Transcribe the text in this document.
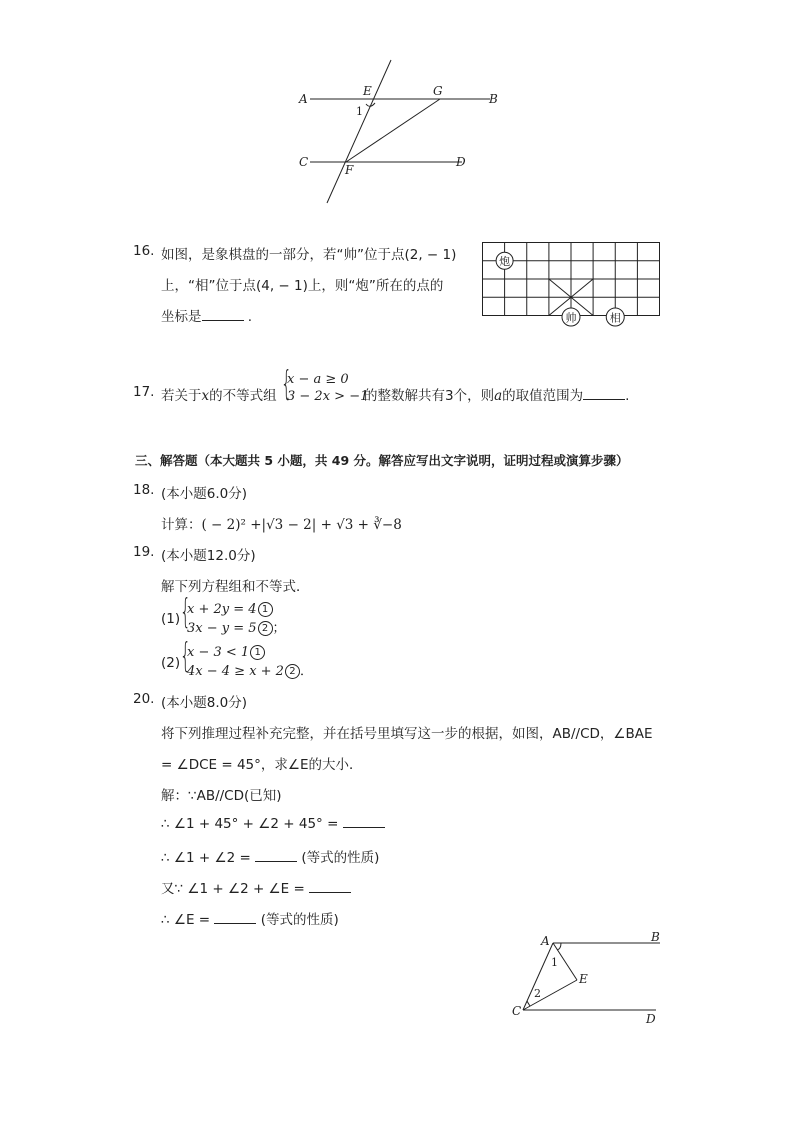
A	B
C	D
E
F
G
1
16. 如图，是象棋盘的一部分，若“帅”位于点(2, − 1)
上，“相”位于点(4, − 1)上，则“炮”所在的点的
坐标是	.
炮
帅	相
17. 若关于x的不等式组 {
x − a ≥ 0
3 − 2x > −1
的整数解共有3个，则a的取值范围为	.
三、解答题（本大题共 5 小题，共 49 分。解答应写出文字说明，证明过程或演算步骤）
18. (本小题6.0分)
计算：( − 2)² +|√3 − 2| + √3 + ∛−8
19. (本小题12.0分)
解下列方程组和不等式．
(1) {
x + 2y = 4 1
3x − y = 5 2 ；
(2) {
x − 3 < 1 1
4x − 4 ≥ x + 2 2 ．
20. (本小题8.0分)
将下列推理过程补充完整，并在括号里填写这一步的根据，如图，AB//CD，∠BAE
= ∠DCE = 45°，求∠E的大小．
解：∵AB//CD(已知)
∴ ∠1 + 45° + ∠2 + 45° =
∴ ∠1 + ∠2 =	(等式的性质)
又∵ ∠1 + ∠2 + ∠E =
∴ ∠E =	(等式的性质)
A	B
C
D
E
1
2
